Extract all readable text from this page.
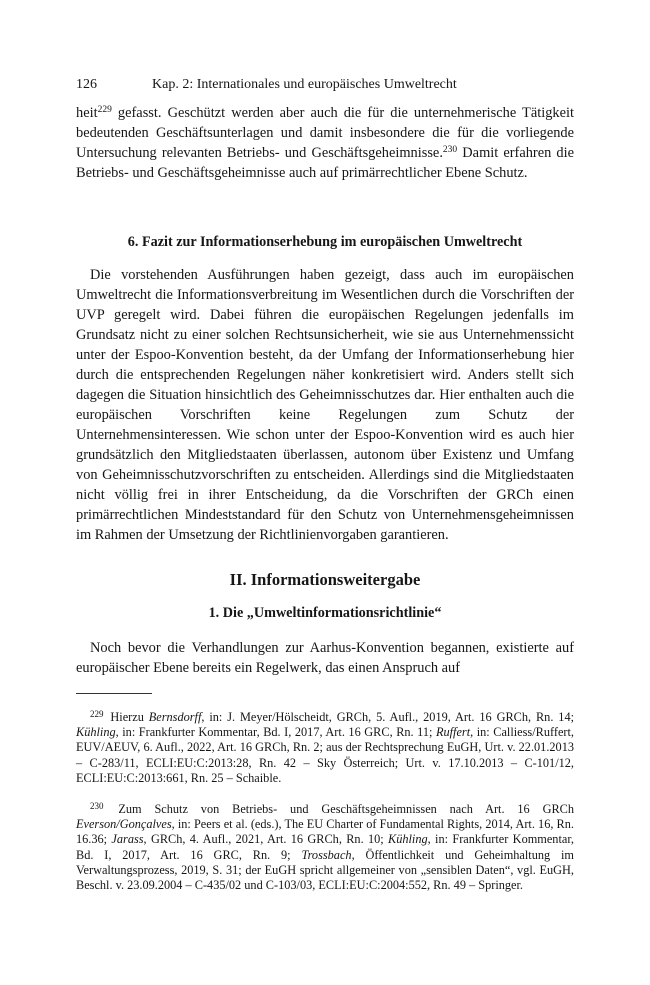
126	Kap. 2: Internationales und europäisches Umweltrecht
heit$^{229}$ gefasst. Geschützt werden aber auch die für die unternehmerische Tätigkeit bedeutenden Geschäftsunterlagen und damit insbesondere die für die vorliegende Untersuchung relevanten Betriebs- und Geschäftsgeheimnisse.$^{230}$ Damit erfahren die Betriebs- und Geschäftsgeheimnisse auch auf primärrechtlicher Ebene Schutz.
6. Fazit zur Informationserhebung im europäischen Umweltrecht
Die vorstehenden Ausführungen haben gezeigt, dass auch im europäischen Umweltrecht die Informationsverbreitung im Wesentlichen durch die Vorschriften der UVP geregelt wird. Dabei führen die europäischen Regelungen jedenfalls im Grundsatz nicht zu einer solchen Rechtsunsicherheit, wie sie aus Unternehmenssicht unter der Espoo-Konvention besteht, da der Umfang der Informationserhebung hier durch die entsprechenden Regelungen näher konkretisiert wird. Anders stellt sich dagegen die Situation hinsichtlich des Geheimnisschutzes dar. Hier enthalten auch die europäischen Vorschriften keine Regelungen zum Schutz der Unternehmensinteressen. Wie schon unter der Espoo-Konvention wird es auch hier grundsätzlich den Mitgliedstaaten überlassen, autonom über Existenz und Umfang von Geheimnisschutzvorschriften zu entscheiden. Allerdings sind die Mitgliedstaaten nicht völlig frei in ihrer Entscheidung, da die Vorschriften der GRCh einen primärrechtlichen Mindeststandard für den Schutz von Unternehmensgeheimnissen im Rahmen der Umsetzung der Richtlinienvorgaben garantieren.
II. Informationsweitergabe
1. Die „Umweltinformationsrichtlinie“
Noch bevor die Verhandlungen zur Aarhus-Konvention begannen, existierte auf europäischer Ebene bereits ein Regelwerk, das einen Anspruch auf
$^{229}$ Hierzu Bernsdorff, in: J. Meyer/Hölscheidt, GRCh, 5. Aufl., 2019, Art. 16 GRCh, Rn. 14; Kühling, in: Frankfurter Kommentar, Bd. I, 2017, Art. 16 GRC, Rn. 11; Ruffert, in: Calliess/Ruffert, EUV/AEUV, 6. Aufl., 2022, Art. 16 GRCh, Rn. 2; aus der Rechtsprechung EuGH, Urt. v. 22.01.2013 – C-283/11, ECLI:EU:C:2013:28, Rn. 42 – Sky Österreich; Urt. v. 17.10.2013 – C-101/12, ECLI:EU:C:2013:661, Rn. 25 – Schaible.
$^{230}$ Zum Schutz von Betriebs- und Geschäftsgeheimnissen nach Art. 16 GRCh Everson/Gonçalves, in: Peers et al. (eds.), The EU Charter of Fundamental Rights, 2014, Art. 16, Rn. 16.36; Jarass, GRCh, 4. Aufl., 2021, Art. 16 GRCh, Rn. 10; Kühling, in: Frankfurter Kommentar, Bd. I, 2017, Art. 16 GRC, Rn. 9; Trossbach, Öffentlichkeit und Geheimhaltung im Verwaltungsprozess, 2019, S. 31; der EuGH spricht allgemeiner von „sensiblen Daten“, vgl. EuGH, Beschl. v. 23.09.2004 – C-435/02 und C-103/03, ECLI:EU:C:2004:552, Rn. 49 – Springer.
